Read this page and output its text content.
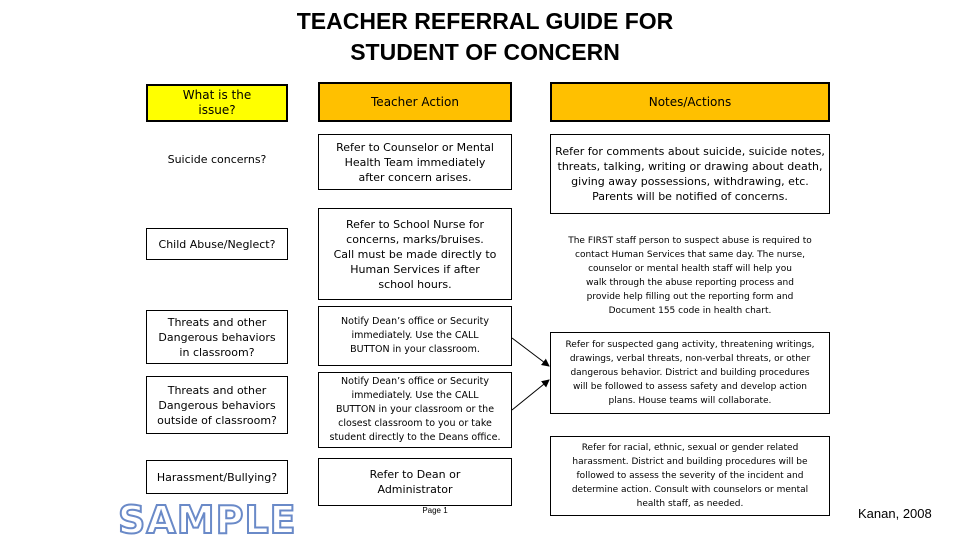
TEACHER REFERRAL GUIDE FOR
STUDENT OF CONCERN
What is the
issue?
Teacher Action	Notes/Actions
Suicide concerns?
Child Abuse/Neglect?
Threats and other
Dangerous behaviors
in classroom?
Threats and other
Dangerous behaviors
outside of classroom?
Harassment/Bullying?
Refer to Counselor or Mental
Health Team immediately
after concern arises.
Refer to School Nurse for
concerns, marks/bruises.
Call must be made directly to
Human Services if after
school hours.
Notify Dean’s office or Security
immediately. Use the CALL
BUTTON in your classroom.
Notify Dean’s office or Security
immediately. Use the CALL
BUTTON in your classroom or the
closest classroom to you or take
student directly to the Deans office.
Refer to Dean or
Administrator
Refer for comments about suicide, suicide notes,
threats, talking, writing or drawing about death,
giving away possessions, withdrawing, etc.
Parents will be notified of concerns.
The FIRST staff person to suspect abuse is required to
contact Human Services that same day. The nurse,
counselor or mental health staff will help you
walk through the abuse reporting process and
provide help filling out the reporting form and
Document 155 code in health chart.
Refer for suspected gang activity, threatening writings,
drawings, verbal threats, non-verbal threats, or other
dangerous behavior. District and building procedures
will be followed to assess safety and develop action
plans. House teams will collaborate.
Refer for racial, ethnic, sexual or gender related
harassment. District and building procedures will be
followed to assess the severity of the incident and
determine action. Consult with counselors or mental
health staff, as needed.
Page 1
SAMPLE	Kanan, 2008
